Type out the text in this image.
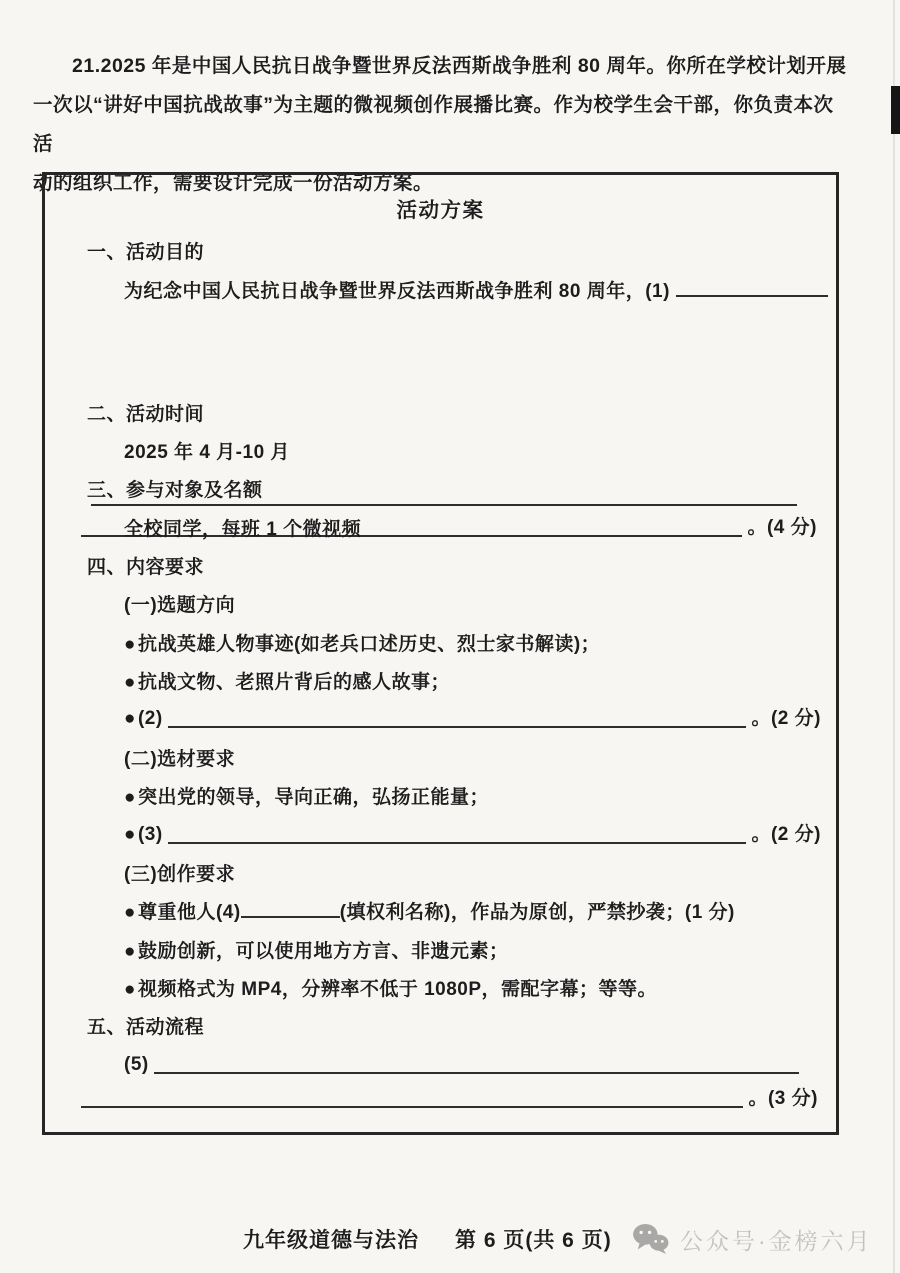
21.2025 年是中国人民抗日战争暨世界反法西斯战争胜利 80 周年。你所在学校计划开展
一次以“讲好中国抗战故事”为主题的微视频创作展播比赛。作为校学生会干部，你负责本次活
动的组织工作，需要设计完成一份活动方案。
活动方案
一、活动目的
为纪念中国人民抗日战争暨世界反法西斯战争胜利 80 周年，(1)
。(4 分)
二、活动时间
2025 年 4 月-10 月
三、参与对象及名额
全校同学，每班 1 个微视频
四、内容要求
(一)选题方向
● 抗战英雄人物事迹(如老兵口述历史、烈士家书解读)；
● 抗战文物、老照片背后的感人故事；
● (2)	。(2 分)
(二)选材要求
● 突出党的领导，导向正确，弘扬正能量；
● (3)	。(2 分)
(三)创作要求
● 尊重他人(4)	(填权利名称)，作品为原创，严禁抄袭；(1 分)
● 鼓励创新，可以使用地方方言、非遗元素；
● 视频格式为 MP4，分辨率不低于 1080P，需配字幕；等等。
五、活动流程
(5)
。(3 分)
九年级道德与法治 第 6 页(共 6 页)	公众号·金榜六月
